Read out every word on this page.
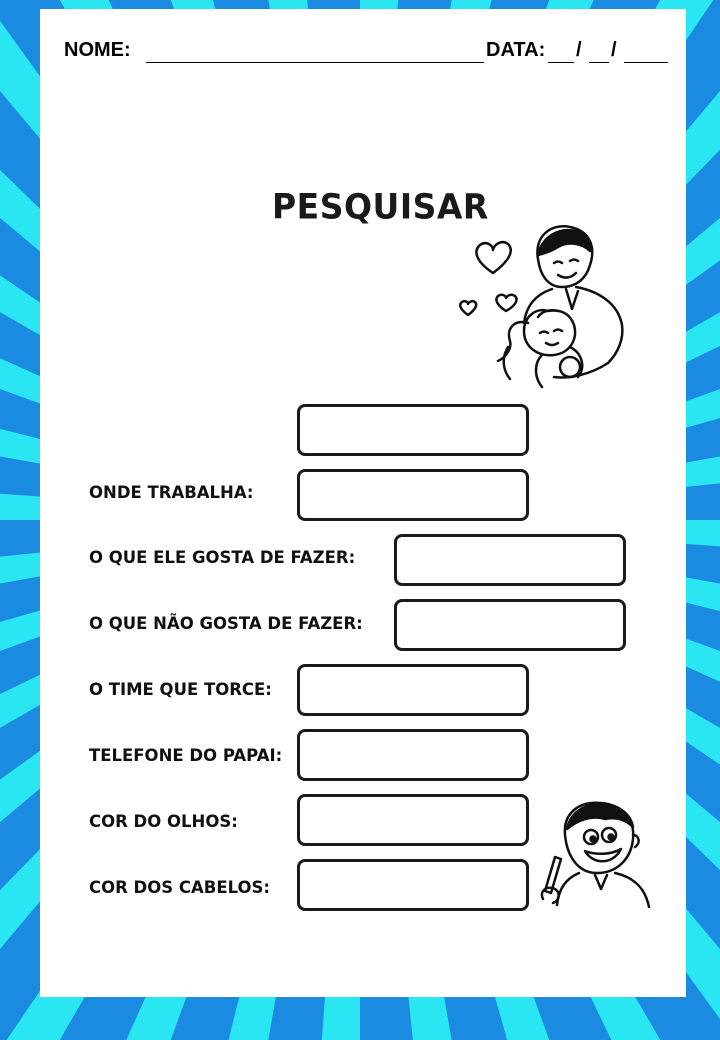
NOME:	DATA: / /
PESQUISAR
ONDE TRABALHA:
O QUE ELE GOSTA DE FAZER:
O QUE NÃO GOSTA DE FAZER:
O TIME QUE TORCE:
TELEFONE DO PAPAI:
COR DO OLHOS:
COR DOS CABELOS:
